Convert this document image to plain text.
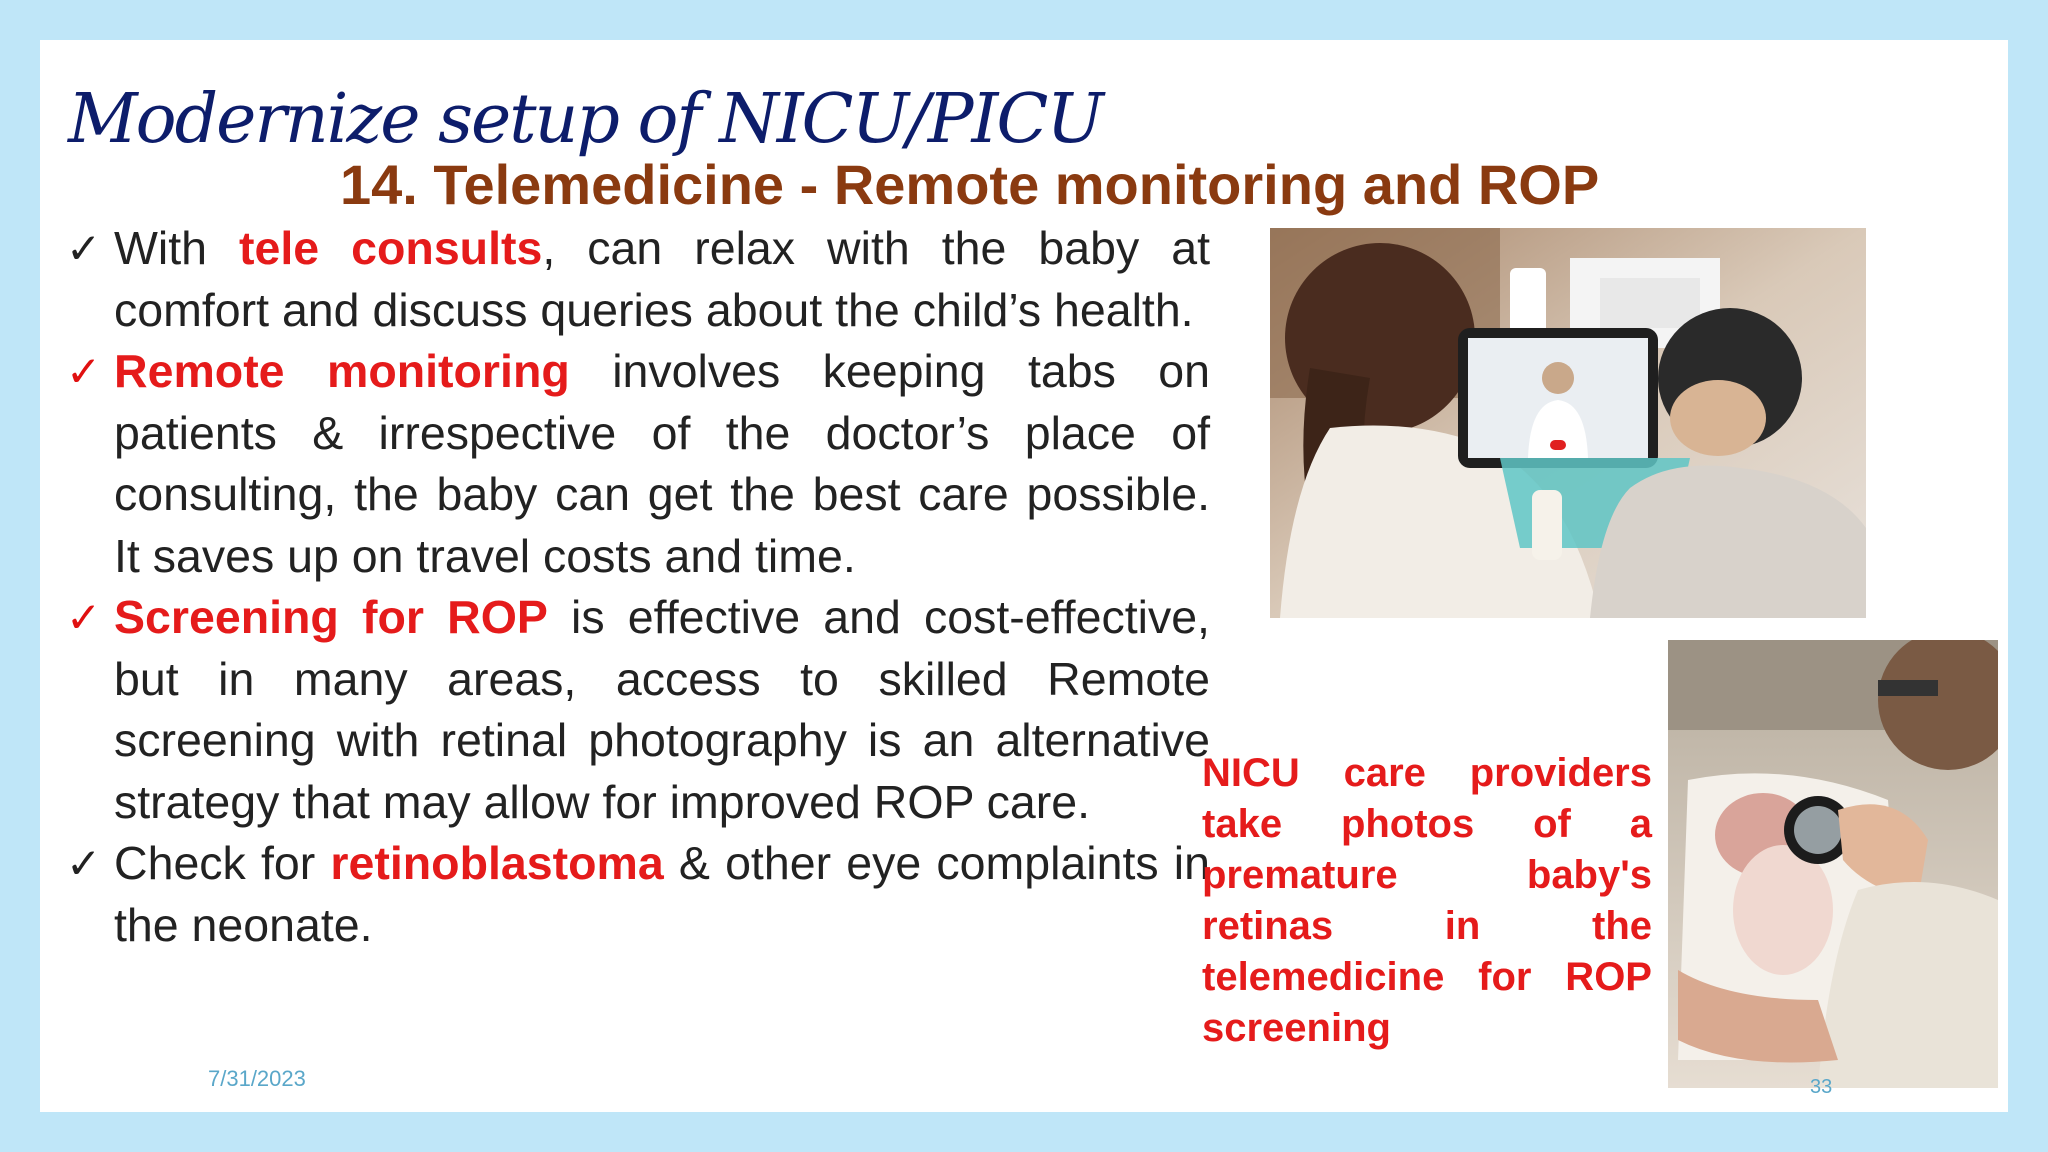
Modernize setup of NICU/PICU
14. Telemedicine - Remote monitoring and ROP
✓ With tele consults, can relax with the baby at comfort and discuss queries about the child’s health.
✓ Remote monitoring involves keeping tabs on patients & irrespective of the doctor’s place of consulting, the baby can get the best care possible. It saves up on travel costs and time.
✓ Screening for ROP is effective and cost-effective, but in many areas, access to skilled Remote screening with retinal photography is an alternative strategy that may allow for improved ROP care.
✓ Check for retinoblastoma & other eye complaints in the neonate.
NICU care providers take photos of a premature baby's retinas in the telemedicine for ROP screening
7/31/2023	33
